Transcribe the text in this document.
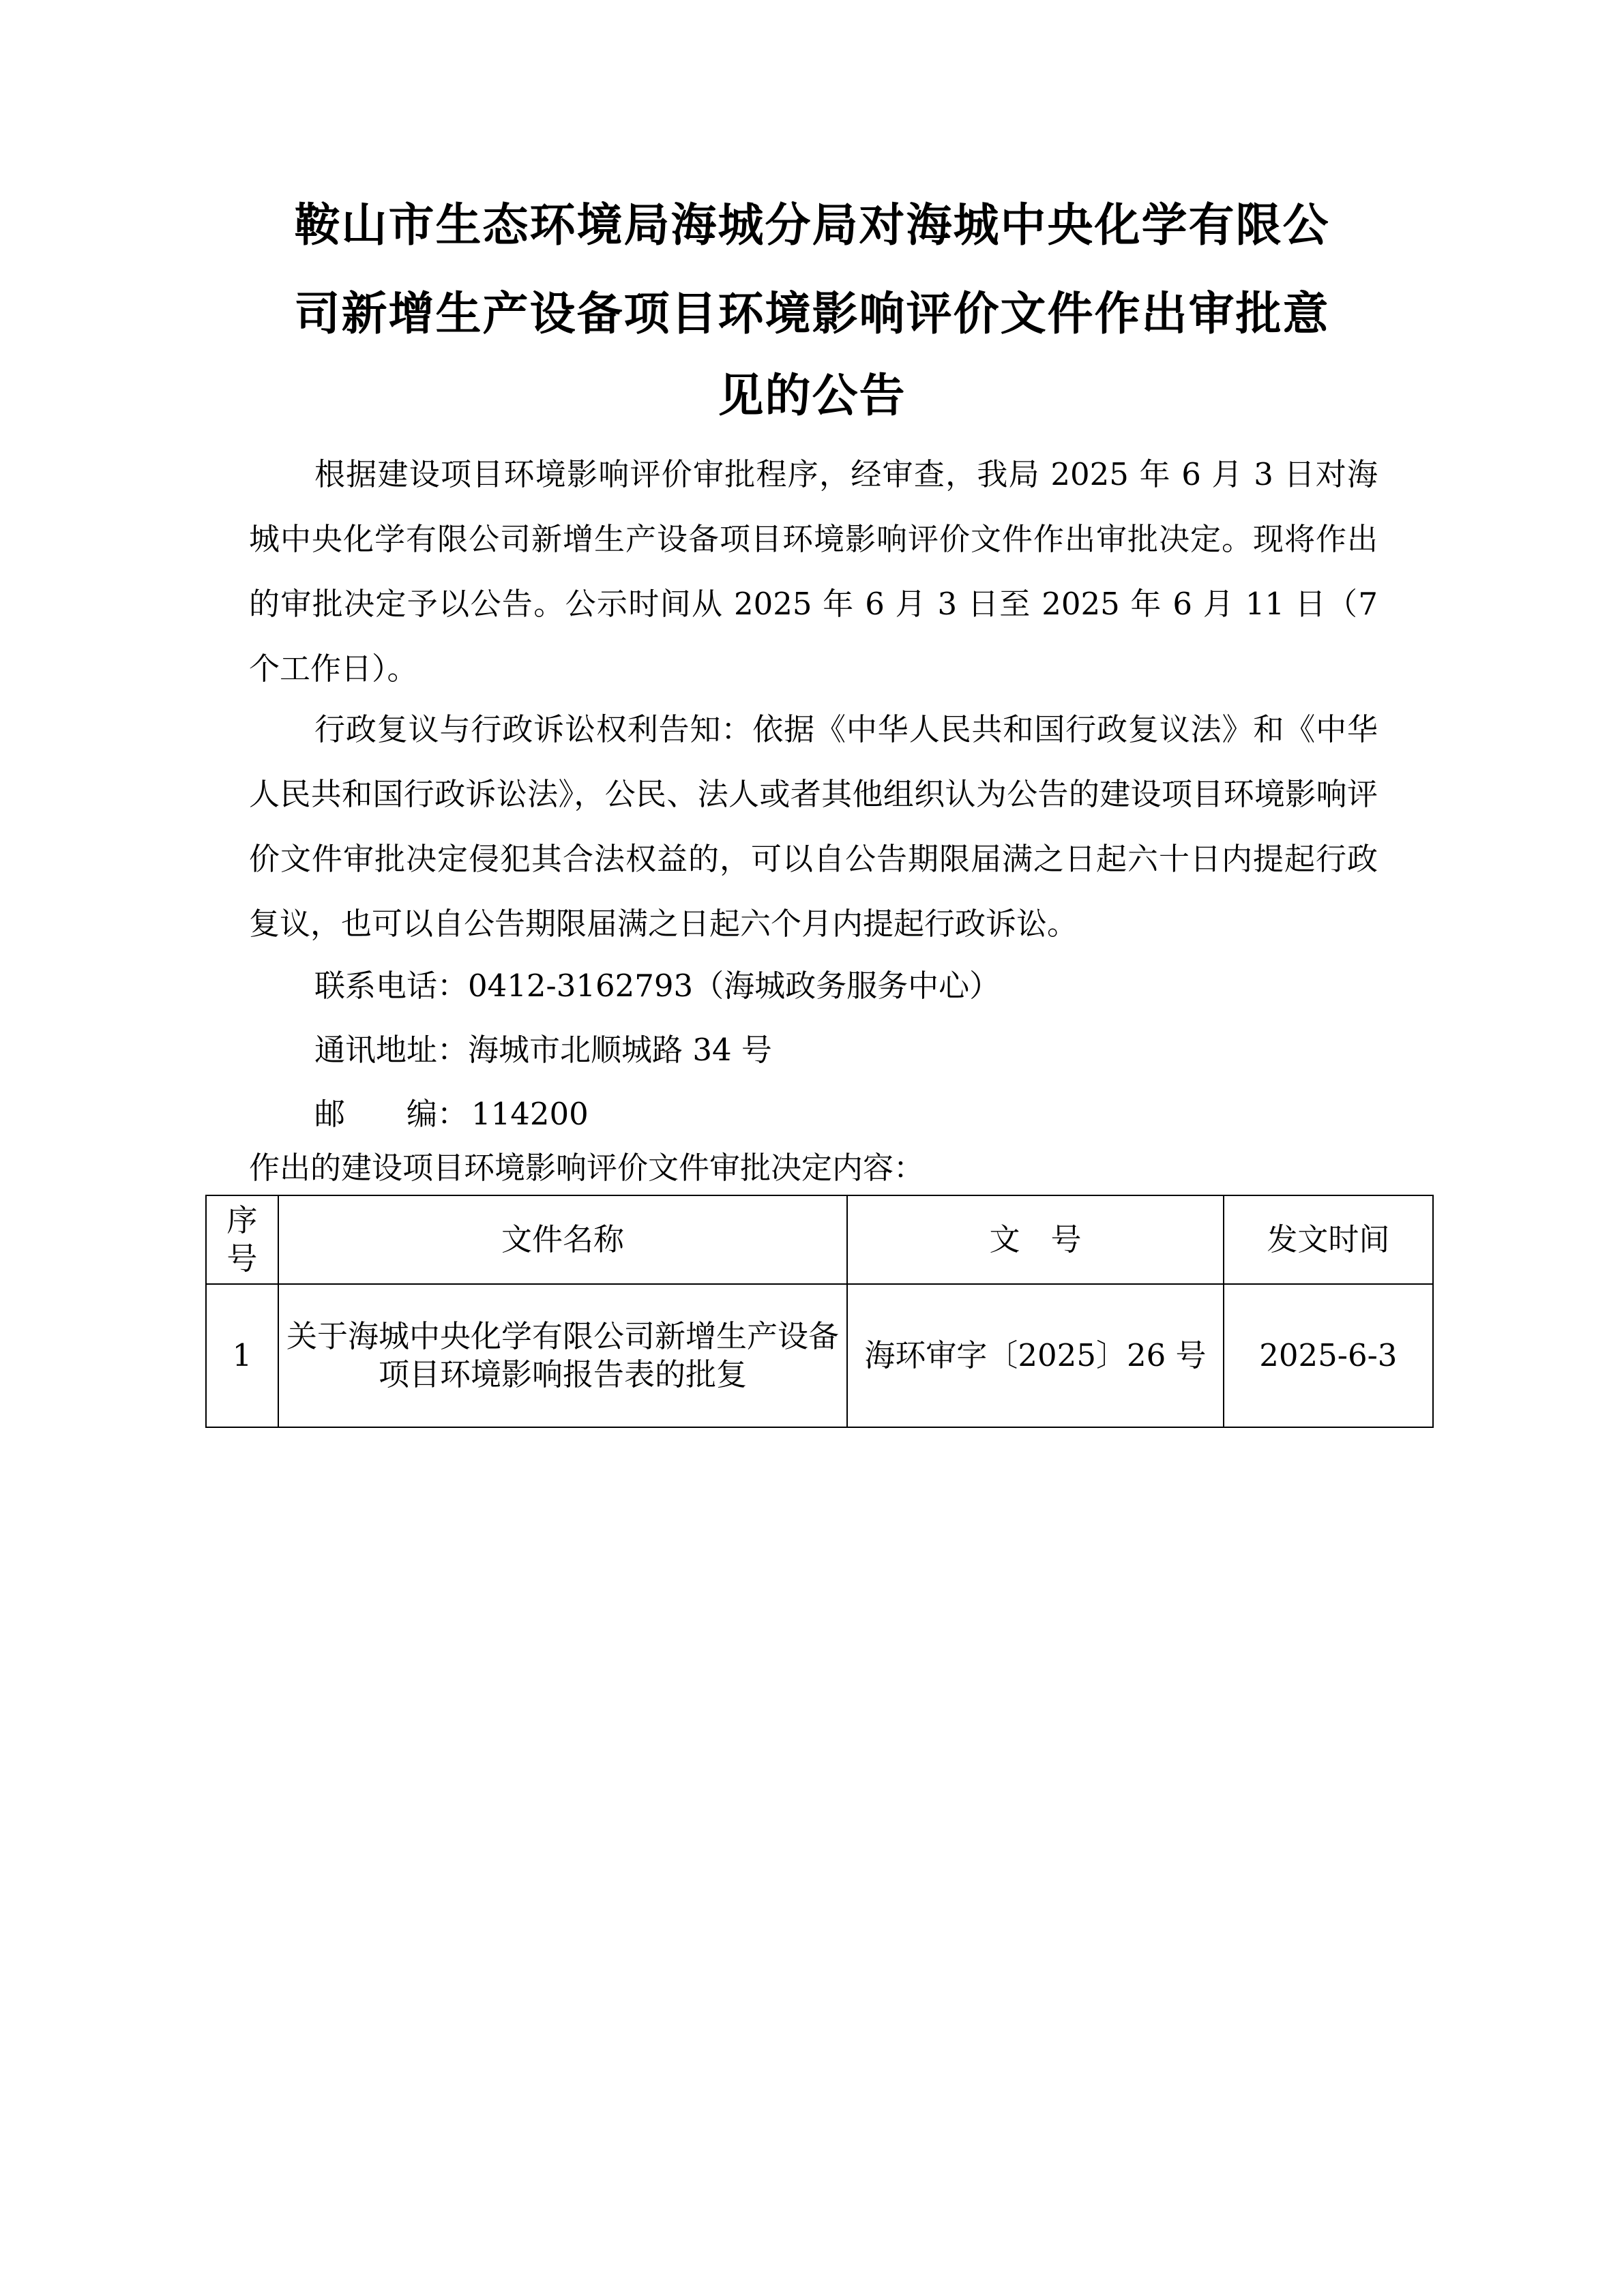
鞍山市生态环境局海城分局对海城中央化学有限公
司新增生产设备项目环境影响评价文件作出审批意
见的公告

根据建设项目环境影响评价审批程序，经审查，我局 2025 年 6 月 3 日对海城中央化学有限公司新增生产设备项目环境影响评价文件作出审批决定。现将作出的审批决定予以公告。公示时间从 2025 年 6 月 3 日至 2025 年 6 月 11 日（7 个工作日）。

行政复议与行政诉讼权利告知：依据《中华人民共和国行政复议法》和《中华人民共和国行政诉讼法》，公民、法人或者其他组织认为公告的建设项目环境影响评价文件审批决定侵犯其合法权益的，可以自公告期限届满之日起六十日内提起行政复议，也可以自公告期限届满之日起六个月内提起行政诉讼。

联系电话：0412-3162793（海城政务服务中心）
通讯地址：海城市北顺城路 34 号
邮　　编： 114200
作出的建设项目环境影响评价文件审批决定内容：
序号	文件名称	文　号	发文时间
1	关于海城中央化学有限公司新增生产设备项目环境影响报告表的批复	海环审字〔2025〕26 号	2025-6-3
